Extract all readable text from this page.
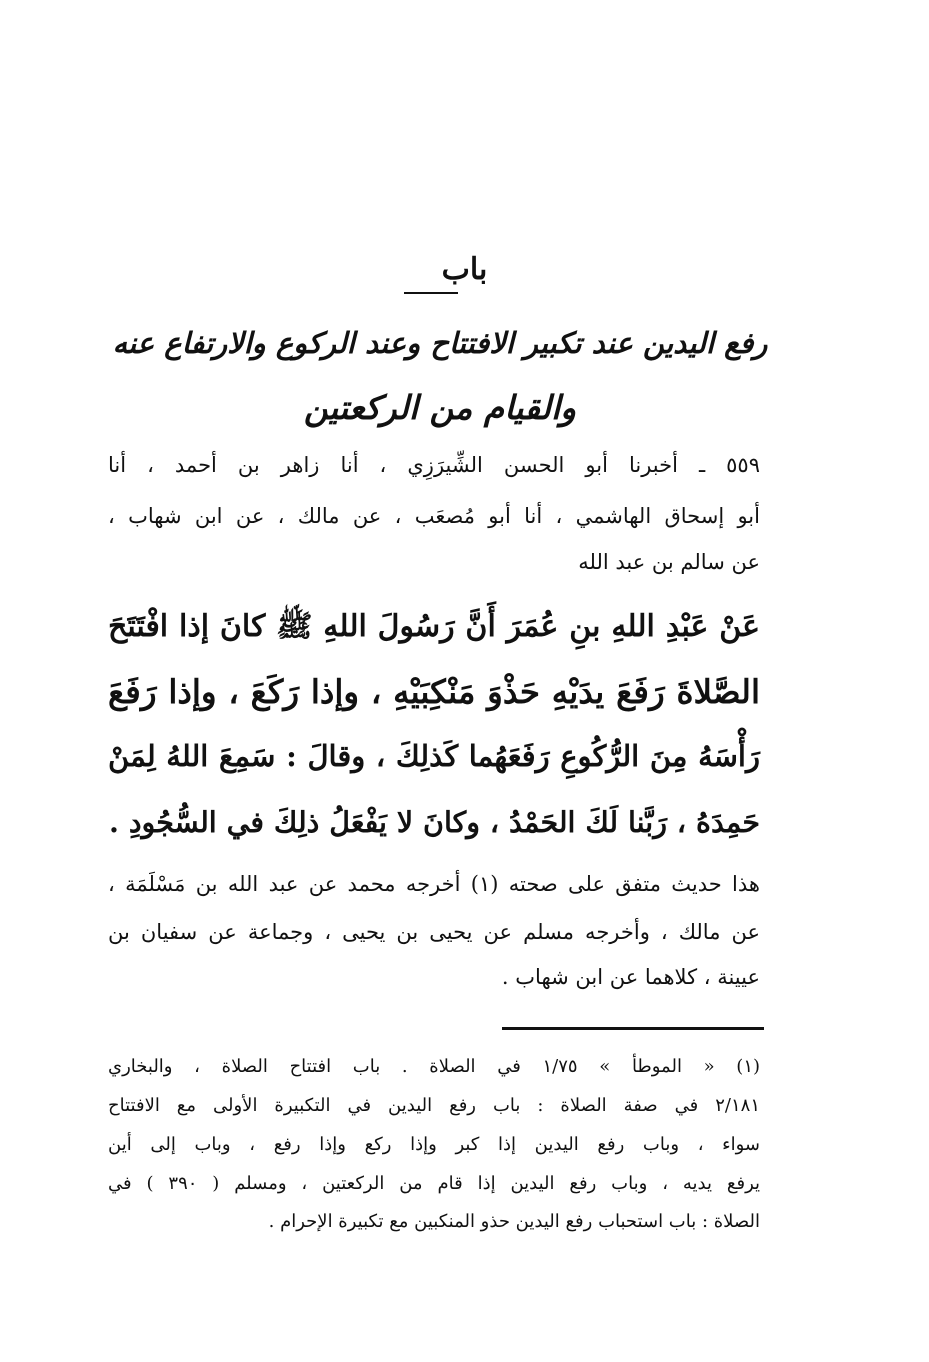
باب
رفع اليدين عند تكبير الافتتاح وعند الركوع والارتفاع عنه
والقيام من الركعتين
٥٥٩ ـ أخبرنا أبو الحسن الشِّيرَزِي ، أنا زاهر بن أحمد ، أنا
أبو إسحاق الهاشمي ، أنا أبو مُصعَب ، عن مالك ، عن ابن شهاب ،
عن سالم بن عبد الله
عَنْ عَبْدِ اللهِ بنِ عُمَرَ أَنَّ رَسُولَ اللهِ ﷺ كانَ إذا افْتَتَحَ
الصَّلاةَ رَفَعَ يدَيْهِ حَذْوَ مَنْكِبَيْهِ ، وإذا رَكَعَ ، وإذا رَفَعَ
رَأْسَهُ مِنَ الرُّكُوعِ رَفَعَهُما كَذلِكَ ، وقالَ : سَمِعَ اللهُ لِمَنْ
حَمِدَهُ ، رَبَّنا لَكَ الحَمْدُ ، وكانَ لا يَفْعَلُ ذلِكَ في السُّجُودِ .
هذا حديث متفق على صحته (١) أخرجه محمد عن عبد الله بن مَسْلَمَة ،
عن مالك ، وأخرجه مسلم عن يحيى بن يحيى ، وجماعة عن سفيان بن
عيينة ، كلاهما عن ابن شهاب .
(١) « الموطأ » ١/٧٥ في الصلاة . باب افتتاح الصلاة ، والبخاري
٢/١٨١ في صفة الصلاة : باب رفع اليدين في التكبيرة الأولى مع الافتتاح
سواء ، وباب رفع اليدين إذا كبر وإذا ركع وإذا رفع ، وباب إلى أين
يرفع يديه ، وباب رفع اليدين إذا قام من الركعتين ، ومسلم ( ٣٩٠ ) في
الصلاة : باب استحباب رفع اليدين حذو المنكبين مع تكبيرة الإحرام .
